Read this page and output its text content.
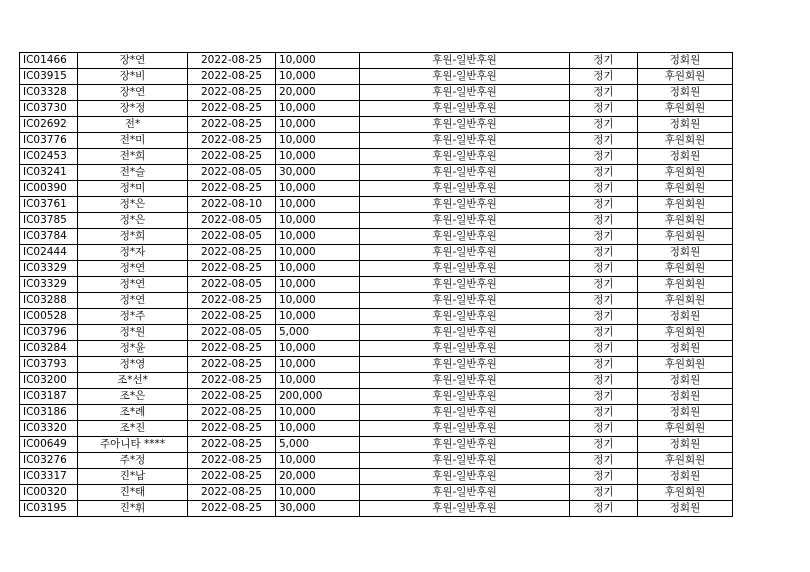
IC01466	장*연	2022-08-25	10,000	후원-일반후원	정기	정회원
IC03915	장*비	2022-08-25	10,000	후원-일반후원	정기	후원회원
IC03328	장*연	2022-08-25	20,000	후원-일반후원	정기	정회원
IC03730	장*정	2022-08-25	10,000	후원-일반후원	정기	후원회원
IC02692	전*	2022-08-25	10,000	후원-일반후원	정기	정회원
IC03776	전*미	2022-08-25	10,000	후원-일반후원	정기	후원회원
IC02453	전*희	2022-08-25	10,000	후원-일반후원	정기	정회원
IC03241	전*슬	2022-08-05	30,000	후원-일반후원	정기	후원회원
IC00390	정*미	2022-08-25	10,000	후원-일반후원	정기	후원회원
IC03761	정*은	2022-08-10	10,000	후원-일반후원	정기	후원회원
IC03785	정*은	2022-08-05	10,000	후원-일반후원	정기	후원회원
IC03784	정*희	2022-08-05	10,000	후원-일반후원	정기	후원회원
IC02444	정*자	2022-08-25	10,000	후원-일반후원	정기	정회원
IC03329	정*연	2022-08-25	10,000	후원-일반후원	정기	후원회원
IC03329	정*연	2022-08-05	10,000	후원-일반후원	정기	후원회원
IC03288	정*연	2022-08-25	10,000	후원-일반후원	정기	후원회원
IC00528	정*주	2022-08-25	10,000	후원-일반후원	정기	정회원
IC03796	정*원	2022-08-05	5,000	후원-일반후원	정기	후원회원
IC03284	정*윤	2022-08-25	10,000	후원-일반후원	정기	정회원
IC03793	정*영	2022-08-25	10,000	후원-일반후원	정기	후원회원
IC03200	조*선*	2022-08-25	10,000	후원-일반후원	정기	정회원
IC03187	조*은	2022-08-25	200,000	후원-일반후원	정기	정회원
IC03186	조*례	2022-08-25	10,000	후원-일반후원	정기	정회원
IC03320	조*진	2022-08-25	10,000	후원-일반후원	정기	후원회원
IC00649	주아니타 ****	2022-08-25	5,000	후원-일반후원	정기	정회원
IC03276	주*정	2022-08-25	10,000	후원-일반후원	정기	후원회원
IC03317	진*남	2022-08-25	20,000	후원-일반후원	정기	정회원
IC00320	진*태	2022-08-25	10,000	후원-일반후원	정기	후원회원
IC03195	진*휘	2022-08-25	30,000	후원-일반후원	정기	정회원
